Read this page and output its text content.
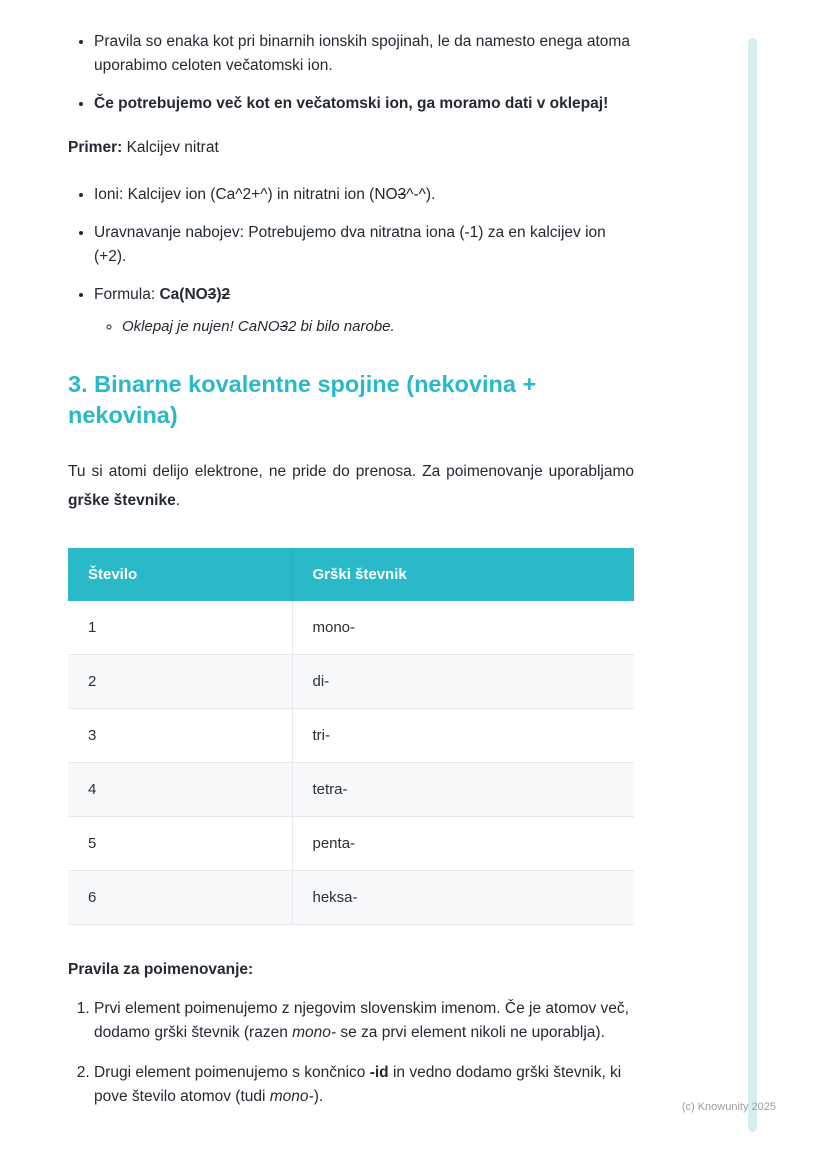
• Pravila so enaka kot pri binarnih ionskih spojinah, le da namesto enega atoma uporabimo celoten večatomski ion.
• Če potrebujemo več kot en večatomski ion, ga moramo dati v oklepaj!

Primer: Kalcijev nitrat

• Ioni: Kalcijev ion (Ca^2+^) in nitratni ion (NO3^-^).
• Uravnavanje nabojev: Potrebujemo dva nitratna iona (-1) za en kalcijev ion (+2).
• Formula: Ca(NO3)2
◦ Oklepaj je nujen! CaNO32 bi bilo narobe.
3. Binarne kovalentne spojine (nekovina + nekovina)

Tu si atomi delijo elektrone, ne pride do prenosa. Za poimenovanje uporabljamo grške števnike.

Število	Grški števnik
1	mono-
2	di-
3	tri-
4	tetra-
5	penta-
6	heksa-

Pravila za poimenovanje:

1. Prvi element poimenujemo z njegovim slovenskim imenom. Če je atomov več, dodamo grški števnik (razen mono- se za prvi element nikoli ne uporablja).
2. Drugi element poimenujemo s končnico -id in vedno dodamo grški števnik, ki pove število atomov (tudi mono-).
(c) Knowunity 2025
